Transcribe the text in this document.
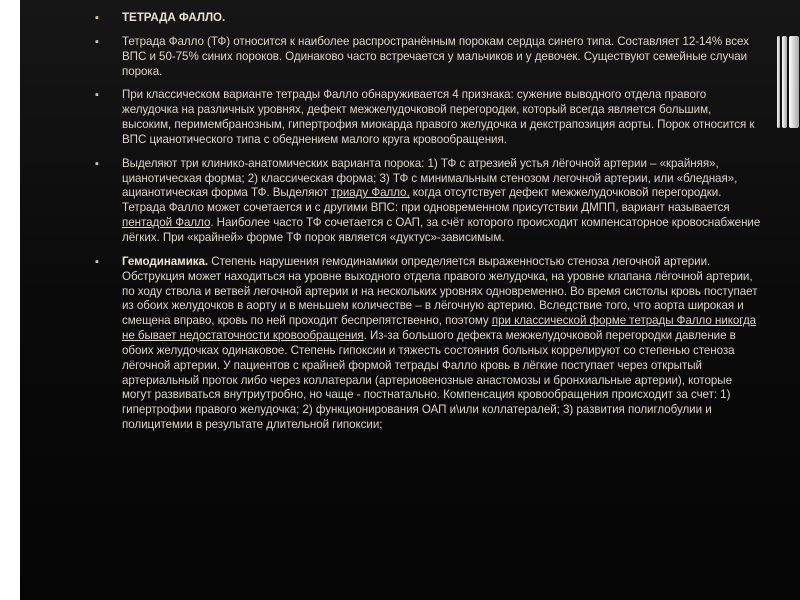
▪ ТЕТРАДА ФАЛЛО.
▪ Тетрада Фалло (ТФ) относится к наиболее распространённым порокам сердца синего типа. Составляет 12-14% всех ВПС и 50-75% синих пороков. Одинаково часто встречается у мальчиков и у девочек. Существуют семейные случаи порока.
▪ При классическом варианте тетрады Фалло обнаруживается 4 признака: сужение выводного отдела правого желудочка на различных уровнях, дефект межжелудочковой перегородки, который всегда является большим, высоким, перимембранозным, гипертрофия миокарда правого желудочка и декстрапозиция аорты. Порок относится к ВПС цианотического типа с обеднением малого круга кровообращения.
▪ Выделяют три клинико-анатомических варианта порока: 1) ТФ с атрезией устья лёгочной артерии – «крайняя», цианотическая форма; 2) классическая форма; 3) ТФ с минимальным стенозом легочной артерии, или «бледная», ацианотическая форма ТФ. Выделяют триаду Фалло, когда отсутствует дефект межжелудочковой перегородки. Тетрада Фалло может сочетается и с другими ВПС: при одновременном присутствии ДМПП, вариант называется пентадой Фалло. Наиболее часто ТФ сочетается с ОАП, за счёт которого происходит компенсаторное кровоснабжение лёгких. При «крайней» форме ТФ порок является «дуктус»-зависимым.
▪ Гемодинамика. Степень нарушения гемодинамики определяется выраженностью стеноза легочной артерии. Обструкция может находиться на уровне выходного отдела правого желудочка, на уровне клапана лёгочной артерии, по ходу ствола и ветвей легочной артерии и на нескольких уровнях одновременно. Во время систолы кровь поступает из обоих желудочков в аорту и в меньшем количестве – в лёгочную артерию. Вследствие того, что аорта широкая и смещена вправо, кровь по ней проходит беспрепятственно, поэтому при классической форме тетрады Фалло никогда не бывает недостаточности кровообращения. Из-за большого дефекта межжелудочковой перегородки давление в обоих желудочках одинаковое. Степень гипоксии и тяжесть состояния больных коррелируют со степенью стеноза лёгочной артерии. У пациентов с крайней формой тетрады Фалло кровь в лёгкие поступает через открытый артериальный проток либо через коллатерали (артериовенозные анастомозы и бронхиальные артерии), которые могут развиваться внутриутробно, но чаще - постнатально. Компенсация кровообращения происходит за счет: 1) гипертрофии правого желудочка; 2) функционирования ОАП и\или коллатералей; 3) развития полиглобулии и полицитемии в результате длительной гипоксии;
